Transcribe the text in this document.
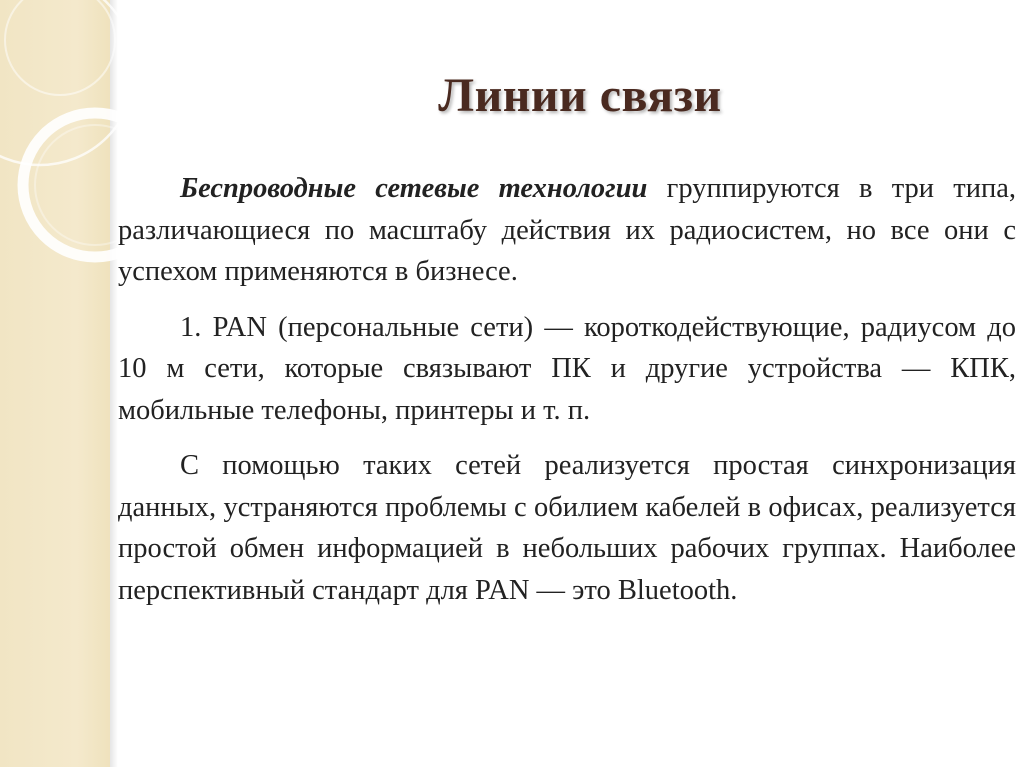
Линии связи

Беспроводные сетевые технологии группируются в три типа, различающиеся по масштабу действия их радиосистем, но все они с успехом применяются в бизнесе.

1. PAN (персональные сети) — короткодействующие, радиусом до 10 м сети, которые связывают ПК и другие устройства — КПК, мобильные телефоны, принтеры и т. п.

С помощью таких сетей реализуется простая синхронизация данных, устраняются проблемы с обилием кабелей в офисах, реализуется простой обмен информацией в небольших рабочих группах. Наиболее перспективный стандарт для PAN — это Bluetooth.
